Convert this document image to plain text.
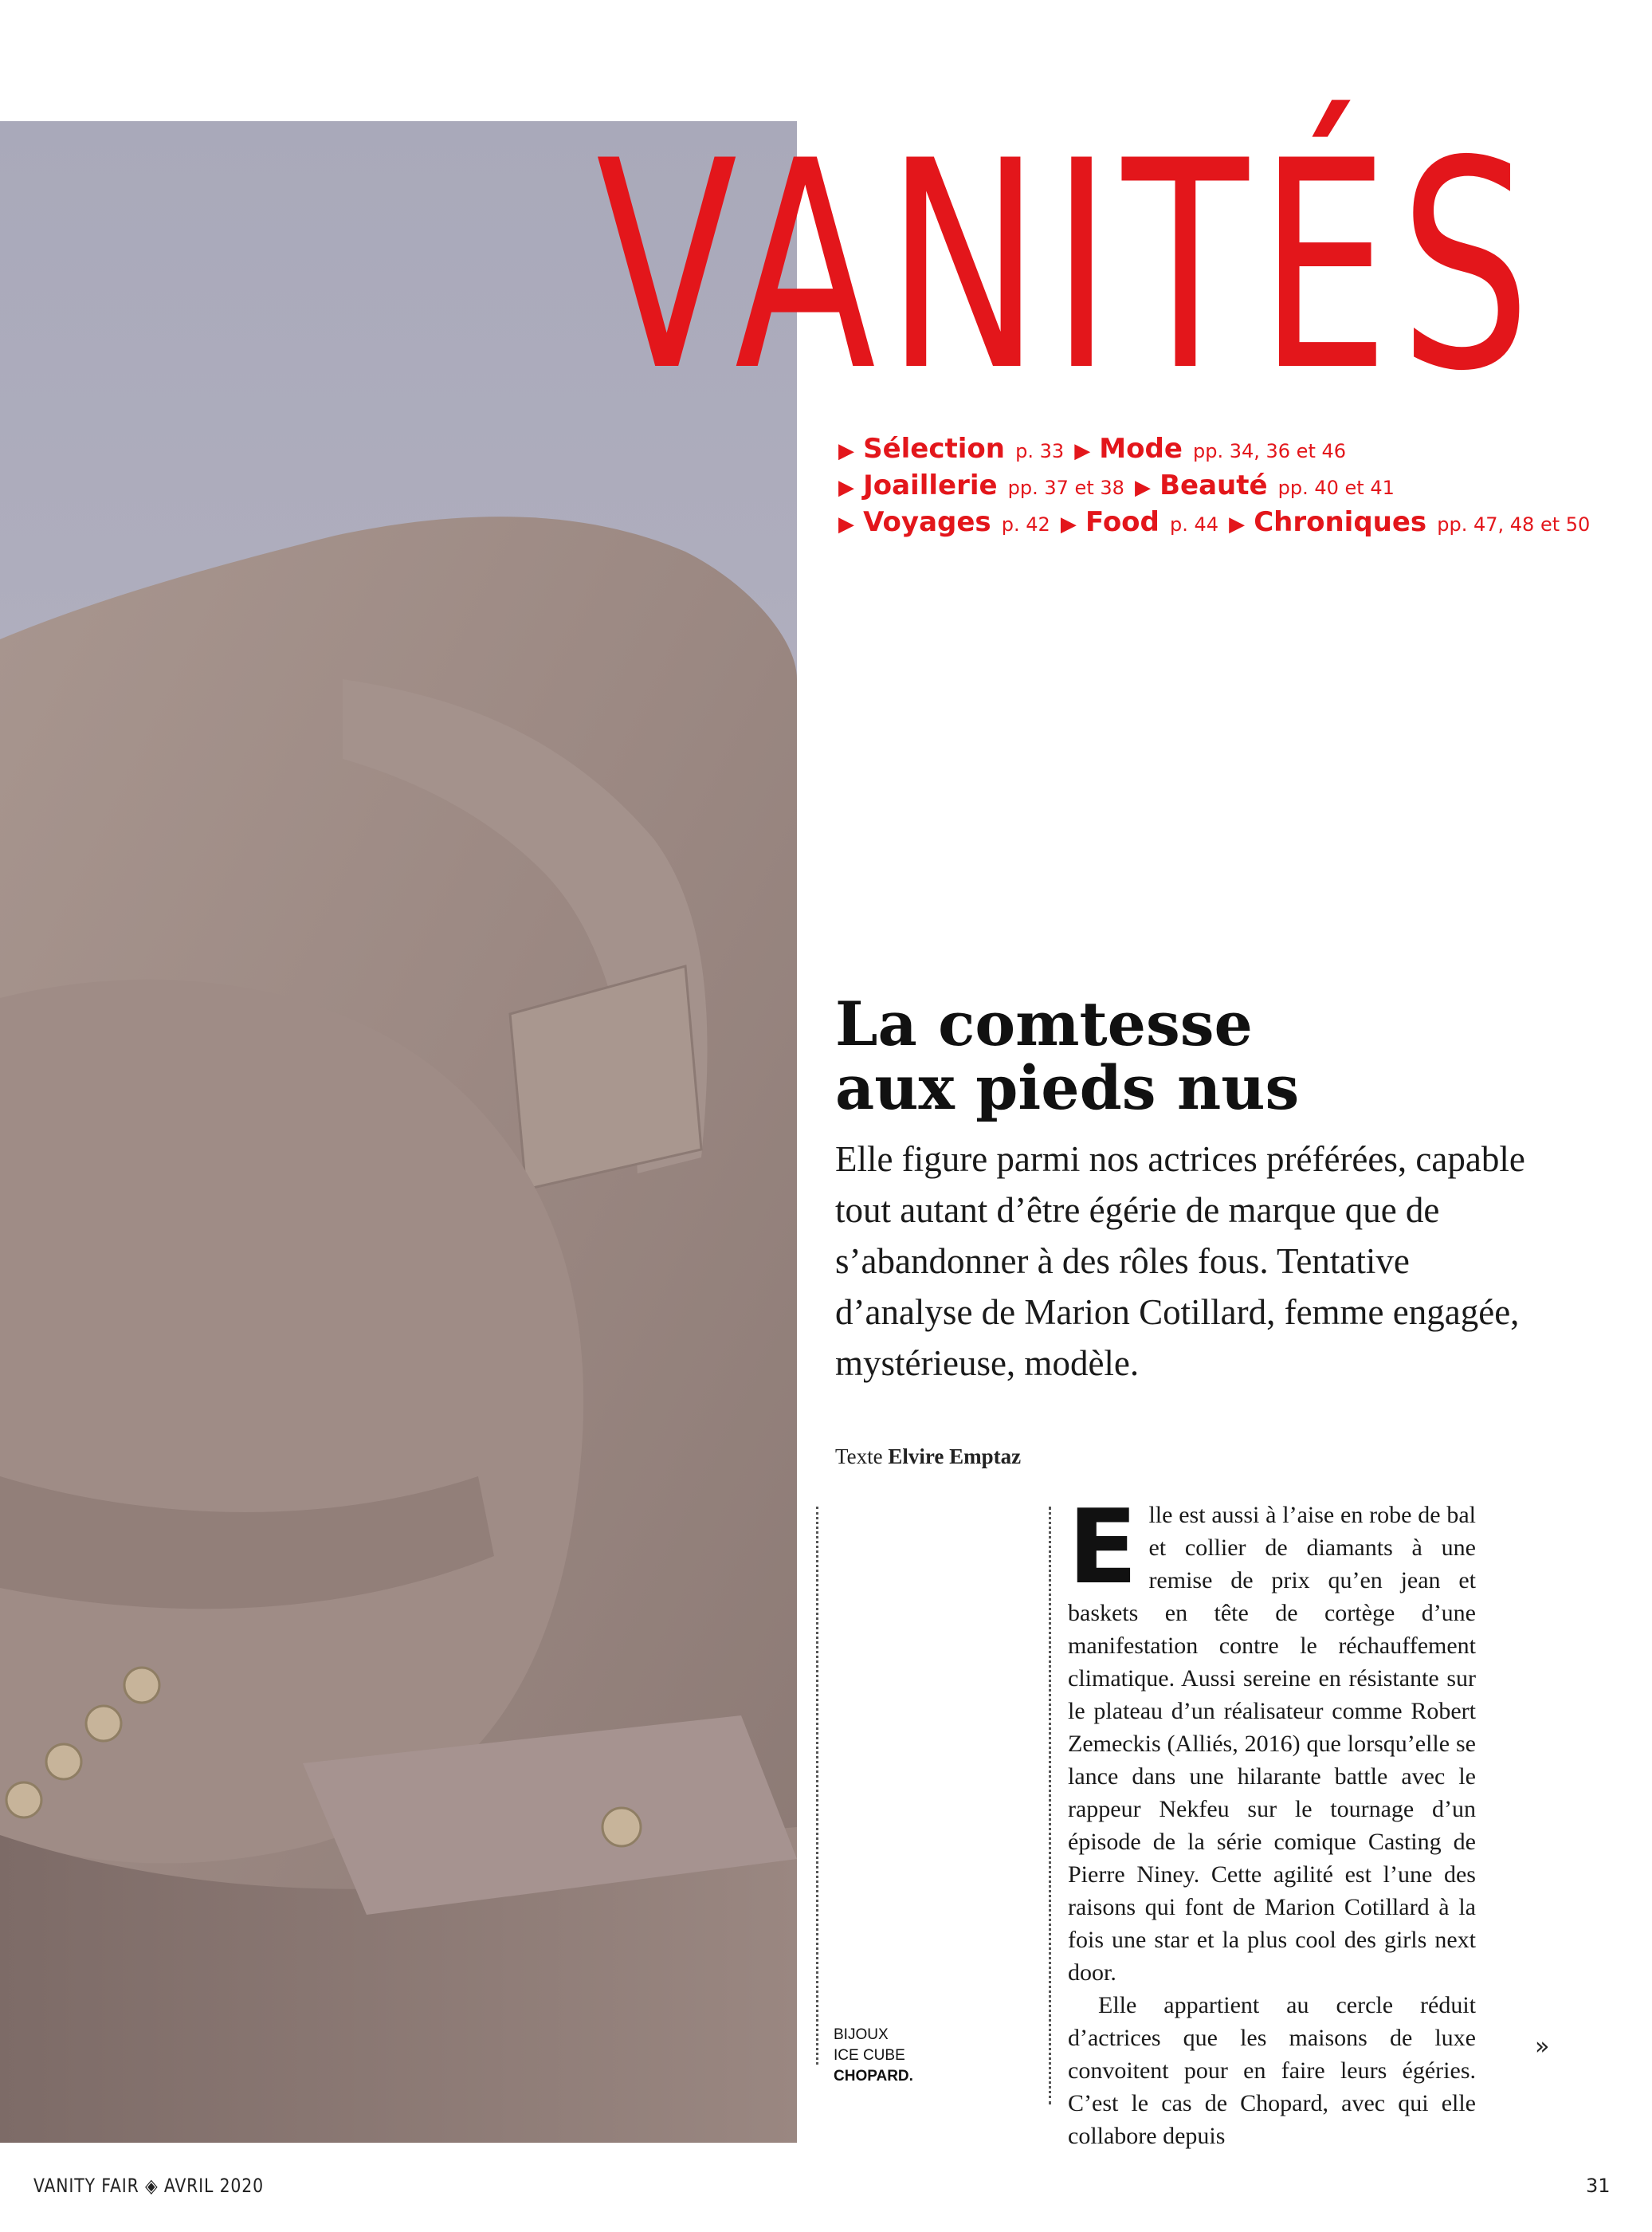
VANITÉS
▶ Sélection p. 33 ▶ Mode pp. 34, 36 et 46
▶ Joaillerie pp. 37 et 38 ▶ Beauté pp. 40 et 41
▶ Voyages p. 42 ▶ Food p. 44 ▶ Chroniques pp. 47, 48 et 50
La comtesse
aux pieds nus
Elle figure parmi nos actrices préférées, capable tout autant d’être égérie de marque que de s’abandonner à des rôles fous. Tentative d’analyse de Marion Cotillard, femme engagée, mystérieuse, modèle.
Texte Elvire Emptaz
BIJOUX
ICE CUBE
CHOPARD.

E lle est aussi à l’aise en robe de bal et collier de diamants à une remise de prix qu’en jean et baskets en tête de cortège d’une manifestation contre le réchauffement climatique. Aussi sereine en résistante sur le plateau d’un réalisateur comme Robert Zemeckis (Alliés, 2016) que lorsqu’elle se lance dans une hilarante battle avec le rappeur Nekfeu sur le tournage d’un épisode de la série comique Casting de Pierre Niney. Cette agilité est l’une des raisons qui font de Marion Cotillard à la fois une star et la plus cool des girls next door.

Elle appartient au cercle réduit d’actrices que les maisons de luxe convoitent pour en faire leurs égéries. C’est le cas de Chopard, avec qui elle collabore depuis

»
VANITY FAIR ◈ AVRIL 2020	31
